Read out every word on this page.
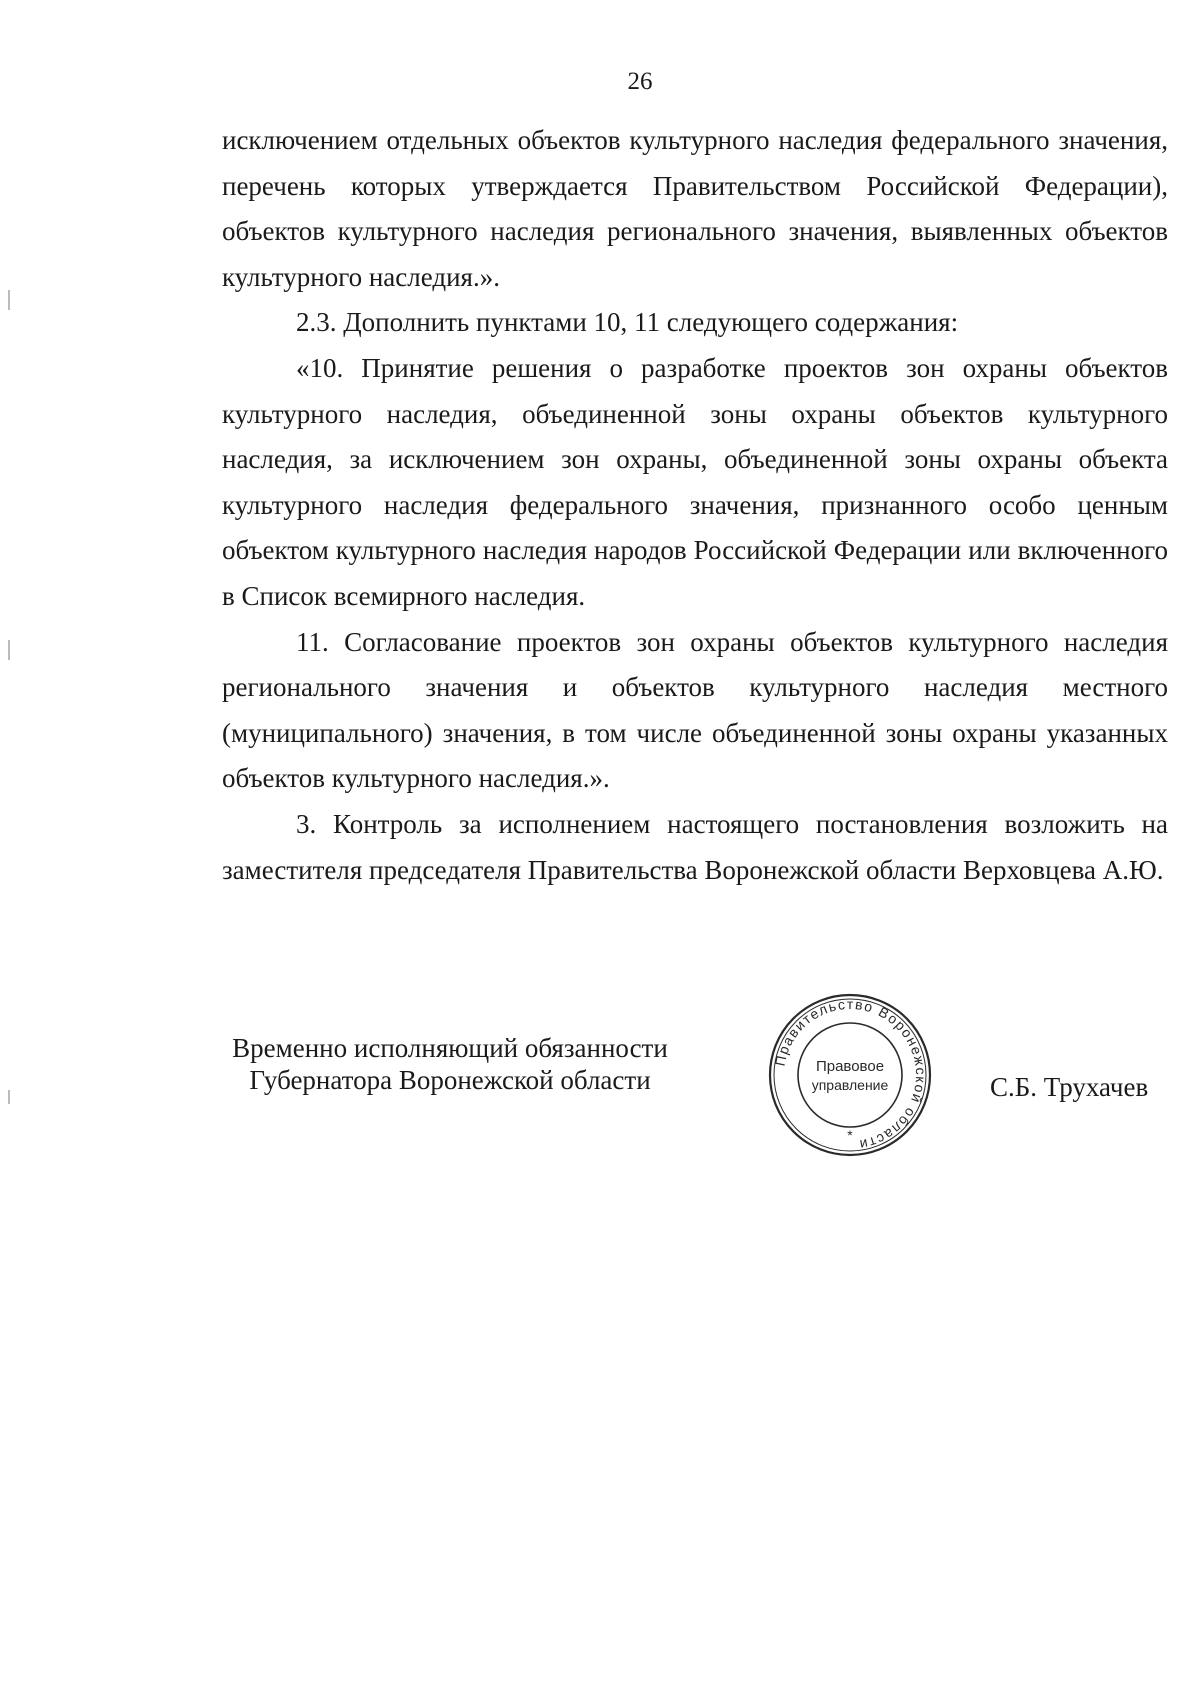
26

исключением отдельных объектов культурного наследия федерального значения, перечень которых утверждается Правительством Российской Федерации), объектов культурного наследия регионального значения, выявленных объектов культурного наследия.».

2.3. Дополнить пунктами 10, 11 следующего содержания:

«10. Принятие решения о разработке проектов зон охраны объектов культурного наследия, объединенной зоны охраны объектов культурного наследия, за исключением зон охраны, объединенной зоны охраны объекта культурного наследия федерального значения, признанного особо ценным объектом культурного наследия народов Российской Федерации или включенного в Список всемирного наследия.

11. Согласование проектов зон охраны объектов культурного наследия регионального значения и объектов культурного наследия местного (муниципального) значения, в том числе объединенной зоны охраны указанных объектов культурного наследия.».

3. Контроль за исполнением настоящего постановления возложить на заместителя председателя Правительства Воронежской области Верховцева А.Ю.

Временно исполняющий обязанности
Губернатора Воронежской области
Правительство Воронежской области
Правовое
управление
*
С.Б. Трухачев
